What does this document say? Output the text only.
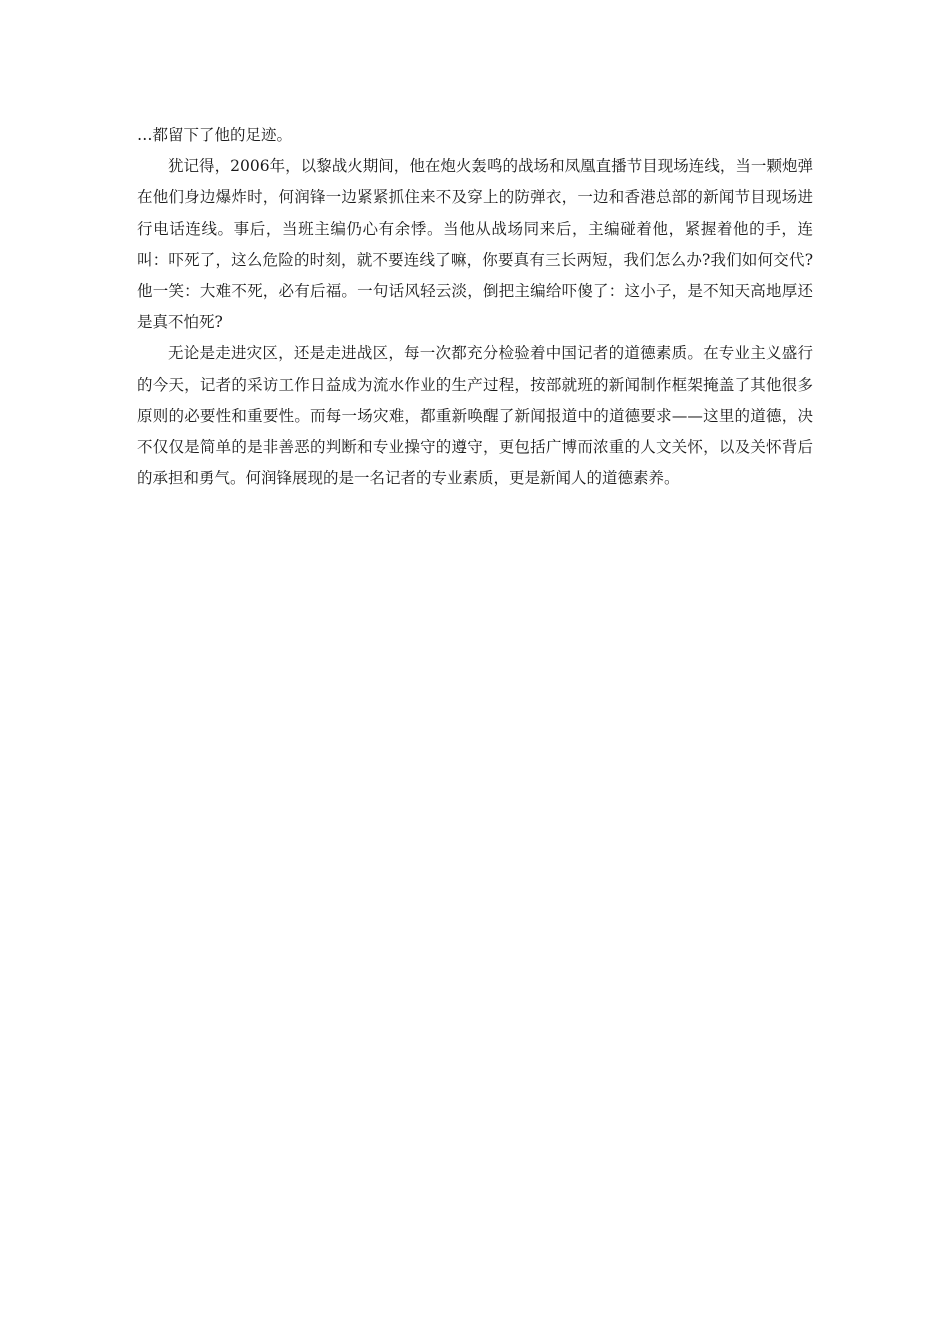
…都留下了他的足迹。

犹记得，2006年，以黎战火期间，他在炮火轰鸣的战场和凤凰直播节目现场连线，当一颗炮弹在他们身边爆炸时，何润锋一边紧紧抓住来不及穿上的防弹衣，一边和香港总部的新闻节目现场进行电话连线。事后，当班主编仍心有余悸。当他从战场同来后，主编碰着他，紧握着他的手，连叫：吓死了，这么危险的时刻，就不要连线了嘛，你要真有三长两短，我们怎么办?我们如何交代?他一笑：大难不死，必有后福。一句话风轻云淡，倒把主编给吓傻了：这小子，是不知天高地厚还是真不怕死?

无论是走进灾区，还是走进战区，每一次都充分检验着中国记者的道德素质。在专业主义盛行的今天，记者的采访工作日益成为流水作业的生产过程，按部就班的新闻制作框架掩盖了其他很多原则的必要性和重要性。而每一场灾难，都重新唤醒了新闻报道中的道德要求——这里的道德，决不仅仅是简单的是非善恶的判断和专业操守的遵守，更包括广博而浓重的人文关怀，以及关怀背后的承担和勇气。何润锋展现的是一名记者的专业素质，更是新闻人的道德素养。
